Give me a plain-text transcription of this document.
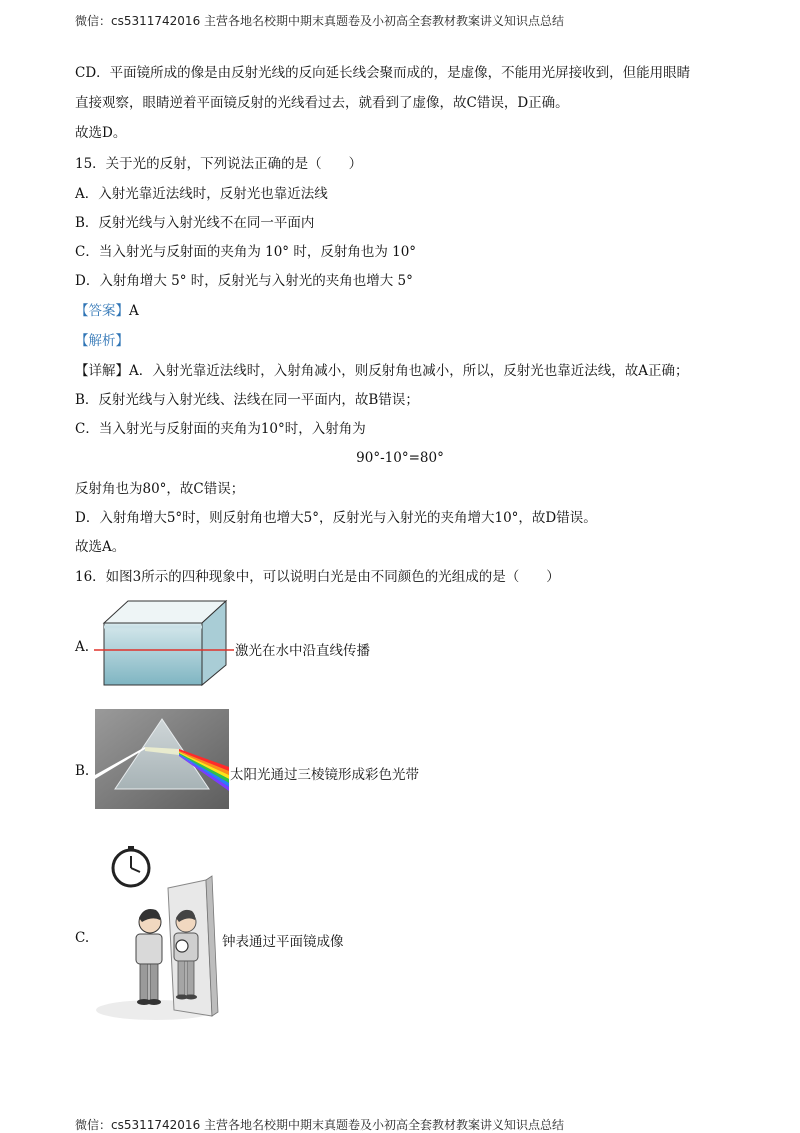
微信：cs5311742016 主营各地名校期中期末真题卷及小初高全套教材教案讲义知识点总结
CD．平面镜所成的像是由反射光线的反向延长线会聚而成的，是虚像，不能用光屏接收到，但能用眼睛
直接观察，眼睛逆着平面镜反射的光线看过去，就看到了虚像，故C错误，D正确。
故选D。
15．关于光的反射，下列说法正确的是（　　）
A．入射光靠近法线时，反射光也靠近法线
B．反射光线与入射光线不在同一平面内
C．当入射光与反射面的夹角为 10° 时，反射角也为 10°
D．入射角增大 5° 时，反射光与入射光的夹角也增大 5°
【答案】A
【解析】
【详解】A．入射光靠近法线时，入射角减小，则反射角也减小，所以，反射光也靠近法线，故A正确；
B．反射光线与入射光线、法线在同一平面内，故B错误；
C．当入射光与反射面的夹角为10°时，入射角为
90°-10°=80°
反射角也为80°，故C错误；
D．入射角增大5°时，则反射角也增大5°，反射光与入射光的夹角增大10°，故D错误。
故选A。
16．如图3所示的四种现象中，可以说明白光是由不同颜色的光组成的是（　　）
A.	激光在水中沿直线传播
B.	太阳光通过三棱镜形成彩色光带
C.	钟表通过平面镜成像
微信：cs5311742016 主营各地名校期中期末真题卷及小初高全套教材教案讲义知识点总结
